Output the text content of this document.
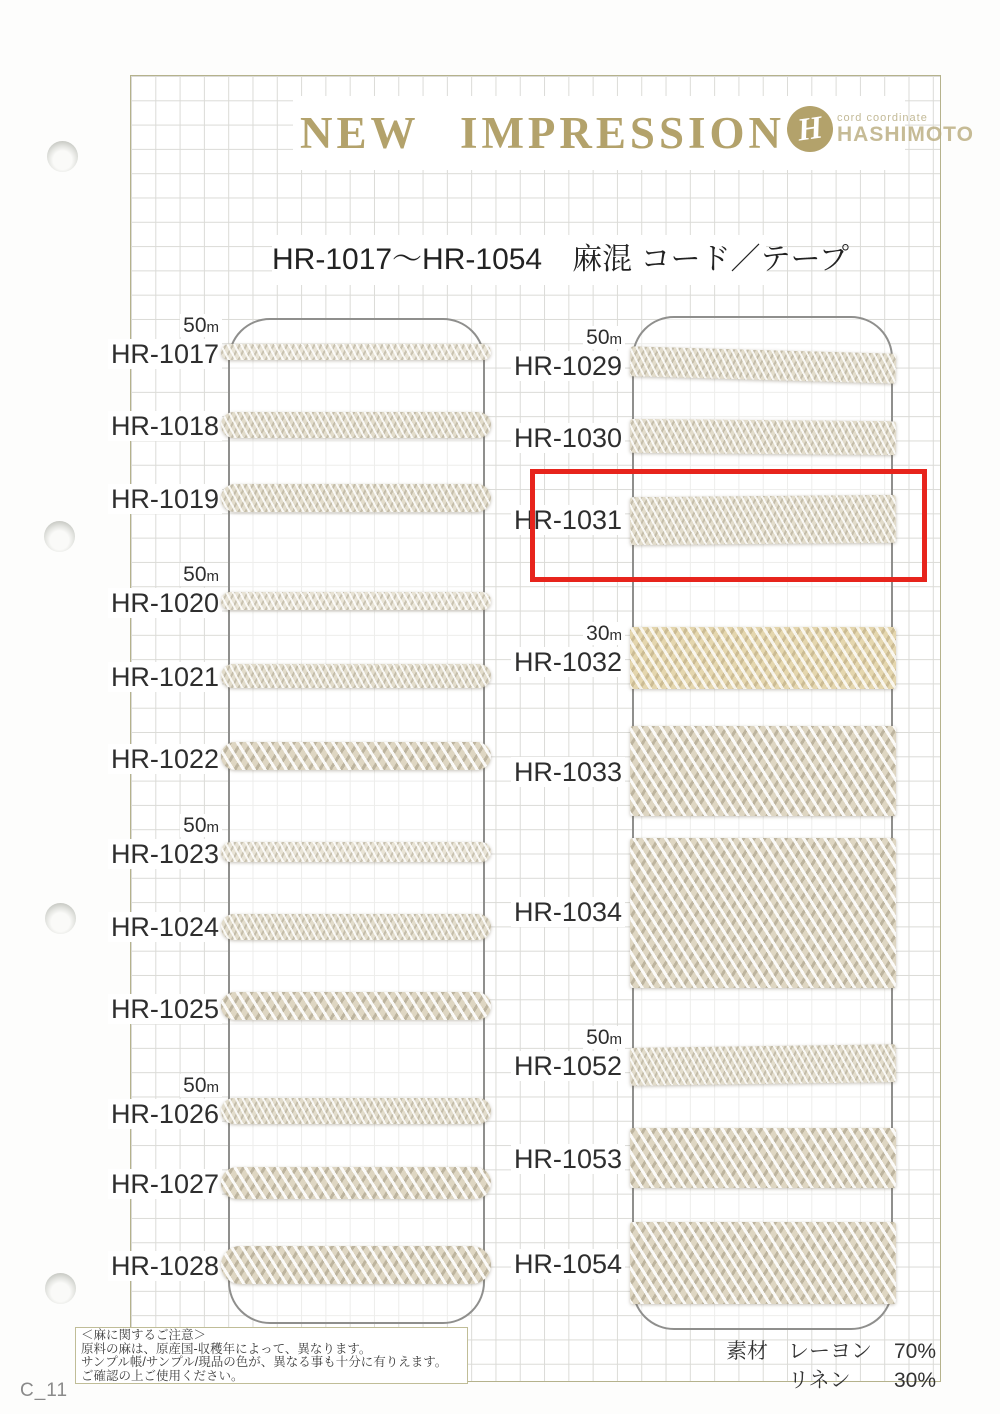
NEW IMPRESSION H	cord coordinate
HASHIMOTO
HR-1017～HR-1054　麻混 コード／テープ
50m
HR-1017
HR-1018
HR-1019
50m
HR-1020
HR-1021
HR-1022
50m
HR-1023
HR-1024
HR-1025
50m
HR-1026
HR-1027
HR-1028
50m
HR-1029
HR-1030
HR-1031
30m
HR-1032
HR-1033
HR-1034
50m
HR-1052
HR-1053
HR-1054
＜麻に関するご注意＞
原料の麻は、原産国-収穫年によって、異なります。
サンプル帳/サンプル/現品の色が、異なる事も十分に有りえます。
ご確認の上ご使用ください。
素材 レーヨン	70%
リネン	30%
C_11
